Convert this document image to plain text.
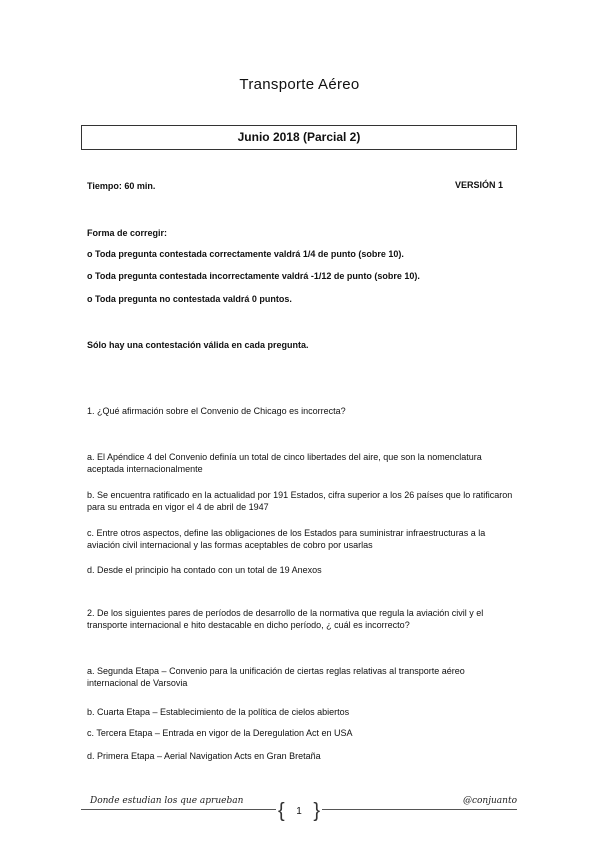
Transporte Aéreo
Junio 2018 (Parcial 2)
Tiempo: 60 min.	VERSIÓN 1
Forma de corregir:
o Toda pregunta contestada correctamente valdrá 1/4 de punto (sobre 10).
o Toda pregunta contestada incorrectamente valdrá -1/12 de punto (sobre 10).
o Toda pregunta no contestada valdrá 0 puntos.
Sólo hay una contestación válida en cada pregunta.
1. ¿Qué afirmación sobre el Convenio de Chicago es incorrecta?
a. El Apéndice 4 del Convenio definía un total de cinco libertades del aire, que son la nomenclatura aceptada internacionalmente
b. Se encuentra ratificado en la actualidad por 191 Estados, cifra superior a los 26 países que lo ratificaron para su entrada en vigor el 4 de abril de 1947
c. Entre otros aspectos, define las obligaciones de los Estados para suministrar infraestructuras a la aviación civil internacional y las formas aceptables de cobro por usarlas
d. Desde el principio ha contado con un total de 19 Anexos
2. De los siguientes pares de períodos de desarrollo de la normativa que regula la aviación civil y el transporte internacional e hito destacable en dicho período, ¿ cuál es incorrecto?
a. Segunda Etapa – Convenio para la unificación de ciertas reglas relativas al transporte aéreo internacional de Varsovia
b. Cuarta Etapa – Establecimiento de la política de cielos abiertos
c. Tercera Etapa – Entrada en vigor de la Deregulation Act en USA
d. Primera Etapa – Aerial Navigation Acts en Gran Bretaña
Donde estudian los que aprueban { 1 }	@conjuanto
